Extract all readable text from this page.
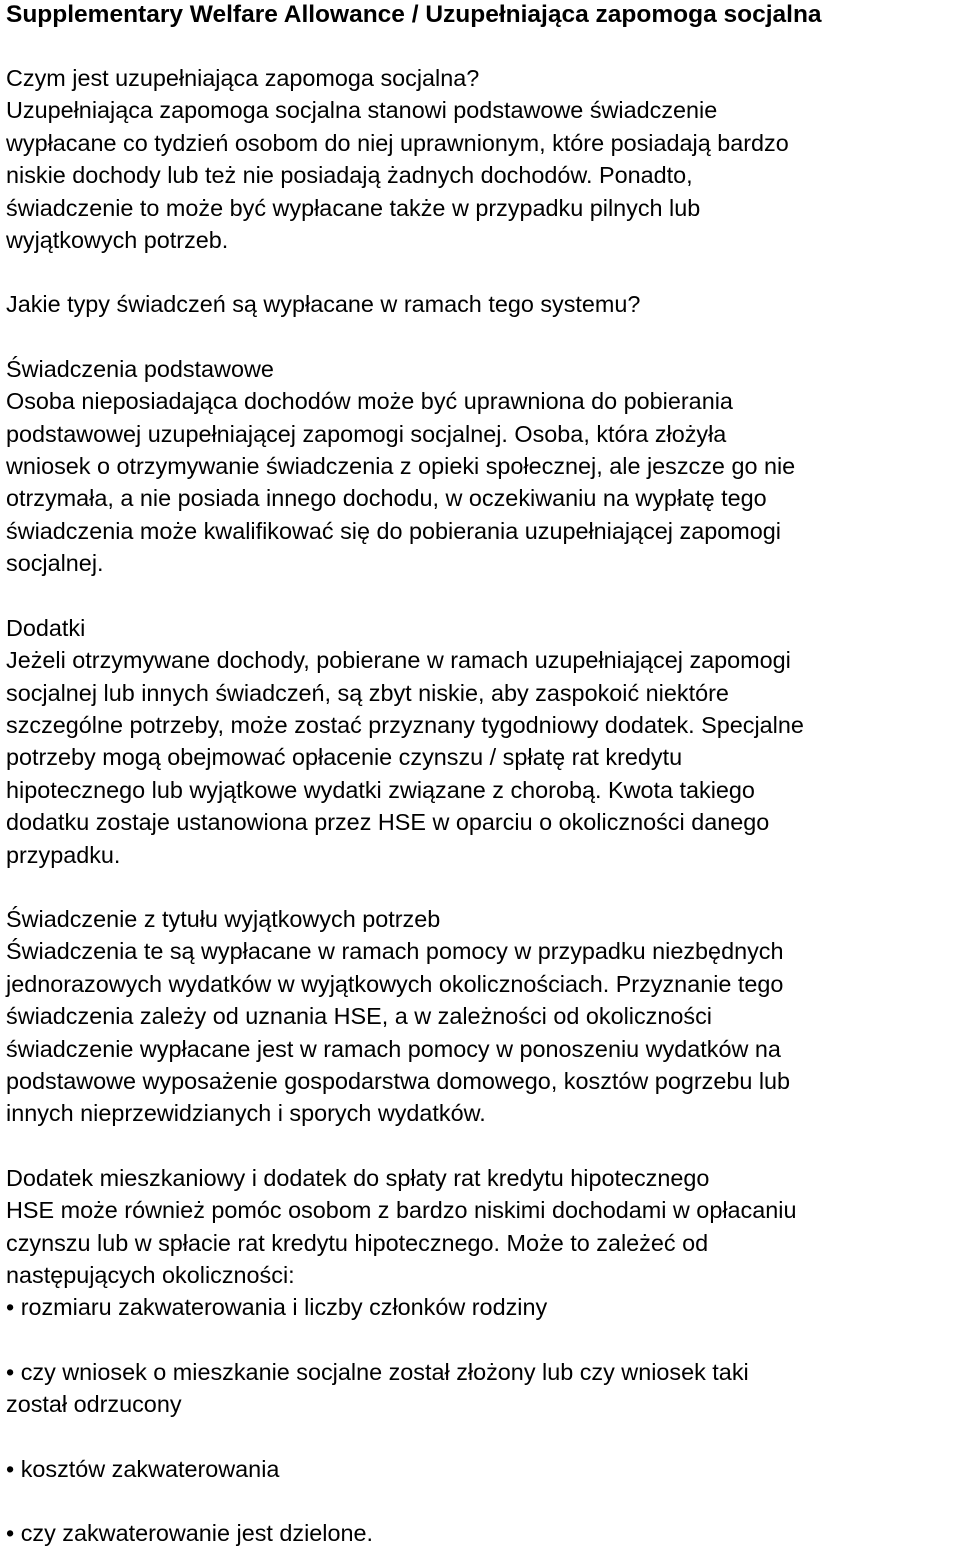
Supplementary Welfare Allowance / Uzupełniająca zapomoga socjalna
Czym jest uzupełniająca zapomoga socjalna?
Uzupełniająca zapomoga socjalna stanowi podstawowe świadczenie
wypłacane co tydzień osobom do niej uprawnionym, które posiadają bardzo
niskie dochody lub też nie posiadają żadnych dochodów. Ponadto,
świadczenie to może być wypłacane także w przypadku pilnych lub
wyjątkowych potrzeb.
Jakie typy świadczeń są wypłacane w ramach tego systemu?
Świadczenia podstawowe
Osoba nieposiadająca dochodów może być uprawniona do pobierania
podstawowej uzupełniającej zapomogi socjalnej. Osoba, która złożyła
wniosek o otrzymywanie świadczenia z opieki społecznej, ale jeszcze go nie
otrzymała, a nie posiada innego dochodu, w oczekiwaniu na wypłatę tego
świadczenia może kwalifikować się do pobierania uzupełniającej zapomogi
socjalnej.
Dodatki
Jeżeli otrzymywane dochody, pobierane w ramach uzupełniającej zapomogi
socjalnej lub innych świadczeń, są zbyt niskie, aby zaspokoić niektóre
szczególne potrzeby, może zostać przyznany tygodniowy dodatek. Specjalne
potrzeby mogą obejmować opłacenie czynszu / spłatę rat kredytu
hipotecznego lub wyjątkowe wydatki związane z chorobą. Kwota takiego
dodatku zostaje ustanowiona przez HSE w oparciu o okoliczności danego
przypadku.
Świadczenie z tytułu wyjątkowych potrzeb
Świadczenia te są wypłacane w ramach pomocy w przypadku niezbędnych
jednorazowych wydatków w wyjątkowych okolicznościach. Przyznanie tego
świadczenia zależy od uznania HSE, a w zależności od okoliczności
świadczenie wypłacane jest w ramach pomocy w ponoszeniu wydatków na
podstawowe wyposażenie gospodarstwa domowego, kosztów pogrzebu lub
innych nieprzewidzianych i sporych wydatków.
Dodatek mieszkaniowy i dodatek do spłaty rat kredytu hipotecznego
HSE może również pomóc osobom z bardzo niskimi dochodami w opłacaniu
czynszu lub w spłacie rat kredytu hipotecznego. Może to zależeć od
następujących okoliczności:
• rozmiaru zakwaterowania i liczby członków rodziny
• czy wniosek o mieszkanie socjalne został złożony lub czy wniosek taki
został odrzucony
• kosztów zakwaterowania
• czy zakwaterowanie jest dzielone.
